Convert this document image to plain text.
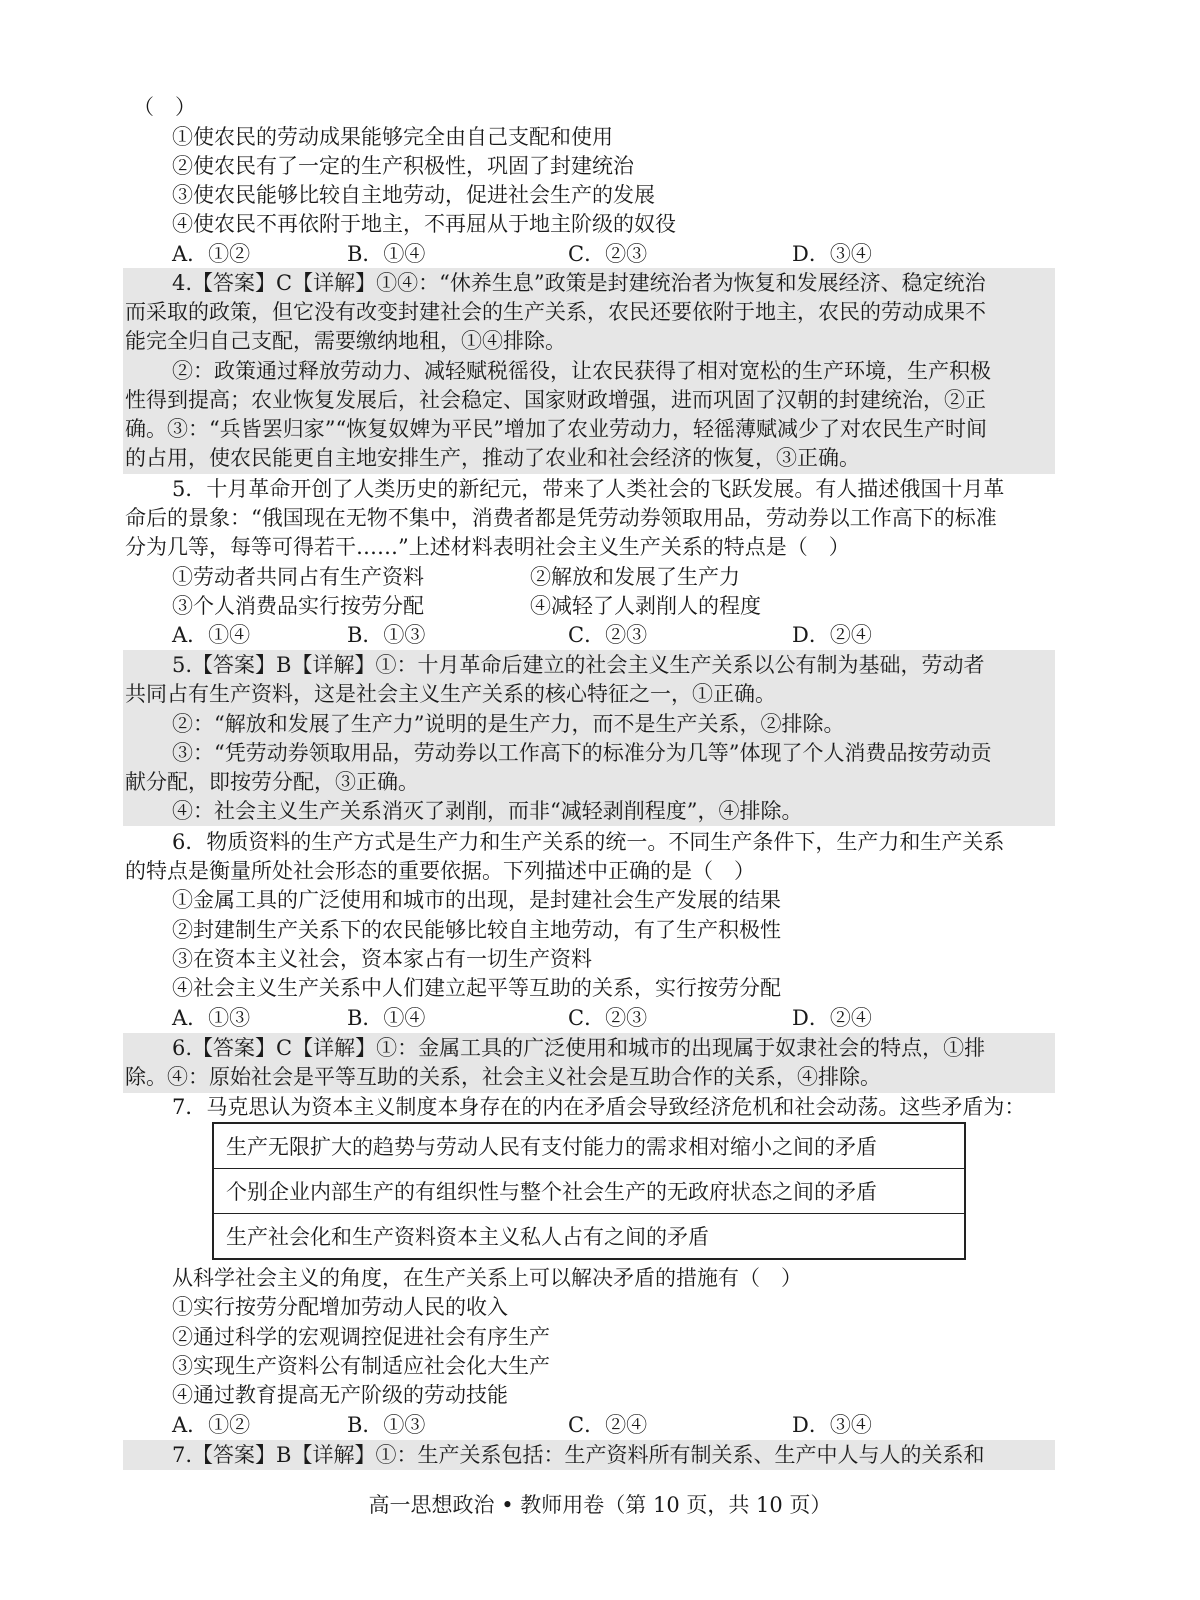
（　）
①使农民的劳动成果能够完全由自己支配和使用
②使农民有了一定的生产积极性，巩固了封建统治
③使农民能够比较自主地劳动，促进社会生产的发展
④使农民不再依附于地主，不再屈从于地主阶级的奴役
A．①②	B．①④	C．②③	D．③④
4.【答案】C【详解】①④：“休养生息”政策是封建统治者为恢复和发展经济、稳定统治
而采取的政策，但它没有改变封建社会的生产关系，农民还要依附于地主，农民的劳动成果不
能完全归自己支配，需要缴纳地租，①④排除。
②：政策通过释放劳动力、减轻赋税徭役，让农民获得了相对宽松的生产环境，生产积极
性得到提高；农业恢复发展后，社会稳定、国家财政增强，进而巩固了汉朝的封建统治，②正
确。③：“兵皆罢归家”“恢复奴婢为平民”增加了农业劳动力，轻徭薄赋减少了对农民生产时间
的占用，使农民能更自主地安排生产，推动了农业和社会经济的恢复，③正确。
5．十月革命开创了人类历史的新纪元，带来了人类社会的飞跃发展。有人描述俄国十月革
命后的景象：“俄国现在无物不集中，消费者都是凭劳动券领取用品，劳动券以工作高下的标准
分为几等，每等可得若干……”上述材料表明社会主义生产关系的特点是（　）
①劳动者共同占有生产资料	②解放和发展了生产力
③个人消费品实行按劳分配	④减轻了人剥削人的程度
A．①④	B．①③	C．②③	D．②④
5.【答案】B【详解】①：十月革命后建立的社会主义生产关系以公有制为基础，劳动者
共同占有生产资料，这是社会主义生产关系的核心特征之一，①正确。
②：“解放和发展了生产力”说明的是生产力，而不是生产关系，②排除。
③：“凭劳动券领取用品，劳动券以工作高下的标准分为几等”体现了个人消费品按劳动贡
献分配，即按劳分配，③正确。
④：社会主义生产关系消灭了剥削，而非“减轻剥削程度”，④排除。
6．物质资料的生产方式是生产力和生产关系的统一。不同生产条件下，生产力和生产关系
的特点是衡量所处社会形态的重要依据。下列描述中正确的是（　）
①金属工具的广泛使用和城市的出现，是封建社会生产发展的结果
②封建制生产关系下的农民能够比较自主地劳动，有了生产积极性
③在资本主义社会，资本家占有一切生产资料
④社会主义生产关系中人们建立起平等互助的关系，实行按劳分配
A．①③	B．①④	C．②③	D．②④
6.【答案】C【详解】①：金属工具的广泛使用和城市的出现属于奴隶社会的特点，①排
除。④：原始社会是平等互助的关系，社会主义社会是互助合作的关系，④排除。
7．马克思认为资本主义制度本身存在的内在矛盾会导致经济危机和社会动荡。这些矛盾为：
生产无限扩大的趋势与劳动人民有支付能力的需求相对缩小之间的矛盾
个别企业内部生产的有组织性与整个社会生产的无政府状态之间的矛盾
生产社会化和生产资料资本主义私人占有之间的矛盾
从科学社会主义的角度，在生产关系上可以解决矛盾的措施有（　）
①实行按劳分配增加劳动人民的收入
②通过科学的宏观调控促进社会有序生产
③实现生产资料公有制适应社会化大生产
④通过教育提高无产阶级的劳动技能
A．①②	B．①③	C．②④	D．③④
7.【答案】B【详解】①：生产关系包括：生产资料所有制关系、生产中人与人的关系和
高一思想政治 • 教师用卷（第 10 页，共 10 页）
